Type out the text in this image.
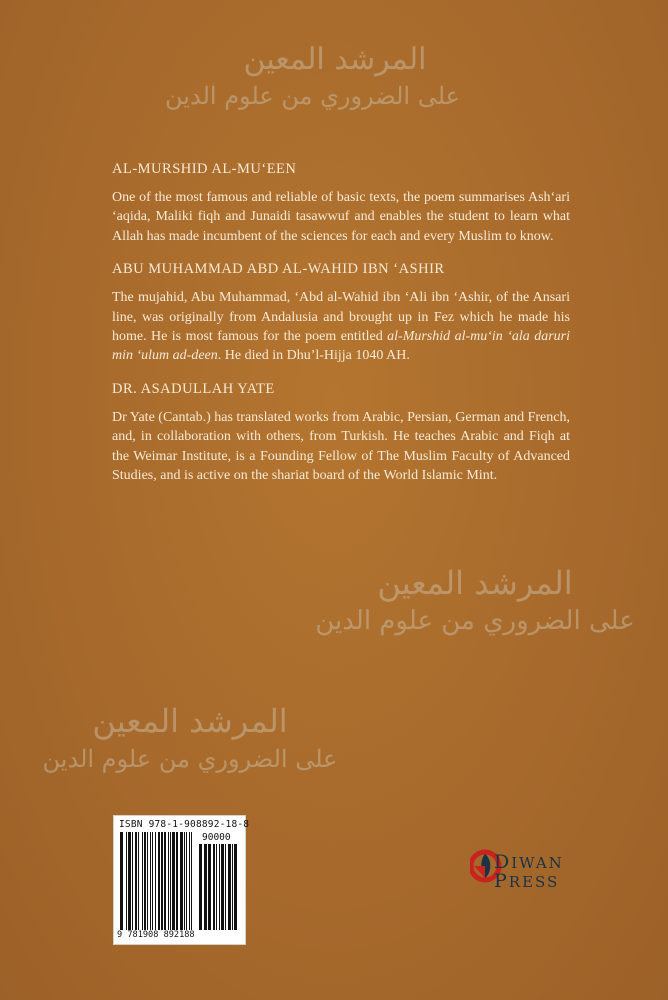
المرشد المعين
على الضروري من علوم الدين
AL-MURSHID AL-MU‘EEN

One of the most famous and reliable of basic texts, the poem summarises Ash‘ari ‘aqida, Maliki fiqh and Junaidi tasawwuf and enables the student to learn what Allah has made incumbent of the sciences for each and every Muslim to know.

ABU MUHAMMAD ABD AL-WAHID IBN ‘ASHIR

The mujahid, Abu Muhammad, ‘Abd al-Wahid ibn ‘Ali ibn ‘Ashir, of the Ansari line, was originally from Andalusia and brought up in Fez which he made his home. He is most famous for the poem entitled al-Murshid al-mu‘in ‘ala daruri min ‘ulum ad-deen. He died in Dhu’l-Hijja 1040 AH.

DR. ASADULLAH YATE

Dr Yate (Cantab.) has translated works from Arabic, Persian, German and French, and, in collaboration with others, from Turkish. He teaches Arabic and Fiqh at the Weimar Institute, is a Founding Fellow of The Muslim Faculty of Advanced Studies, and is active on the shariat board of the World Islamic Mint.

المرشد المعين
على الضروري من علوم الدين
المرشد المعين
على الضروري من علوم الدين
ISBN 978-1-908892-18-8
90000
9 781908 892188
DIWAN
PRESS
